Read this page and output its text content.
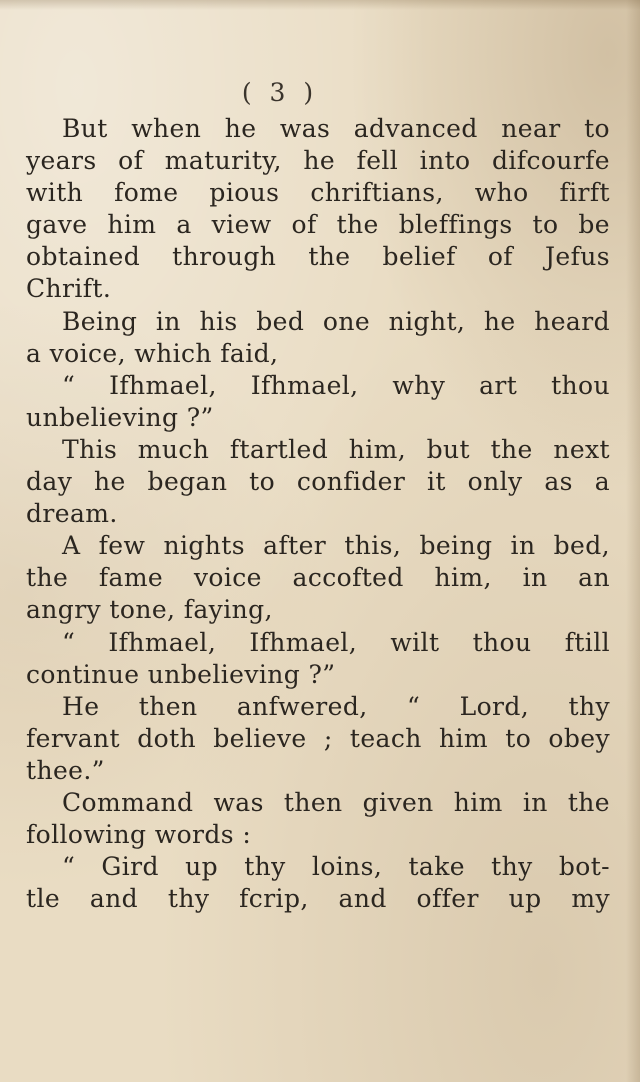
( 3 )
But when he was advanced near to
years of maturity, he fell into difcourfe
with fome pious chriftians, who firft
gave him a view of the bleffings to be
obtained through the belief of Jefus
Chrift.
Being in his bed one night, he heard
a voice, which faid,
“ Ifhmael, Ifhmael, why art thou
unbelieving ?”
This much ftartled him, but the next
day he began to confider it only as a
dream.
A few nights after this, being in bed,
the fame voice accofted him, in an
angry tone, faying,
“ Ifhmael, Ifhmael, wilt thou ftill
continue unbelieving ?”
He then anfwered, “ Lord, thy
fervant doth believe ; teach him to obey
thee.”
Command was then given him in the
following words :
“ Gird up thy loins, take thy bot-
tle and thy fcrip, and offer up my
